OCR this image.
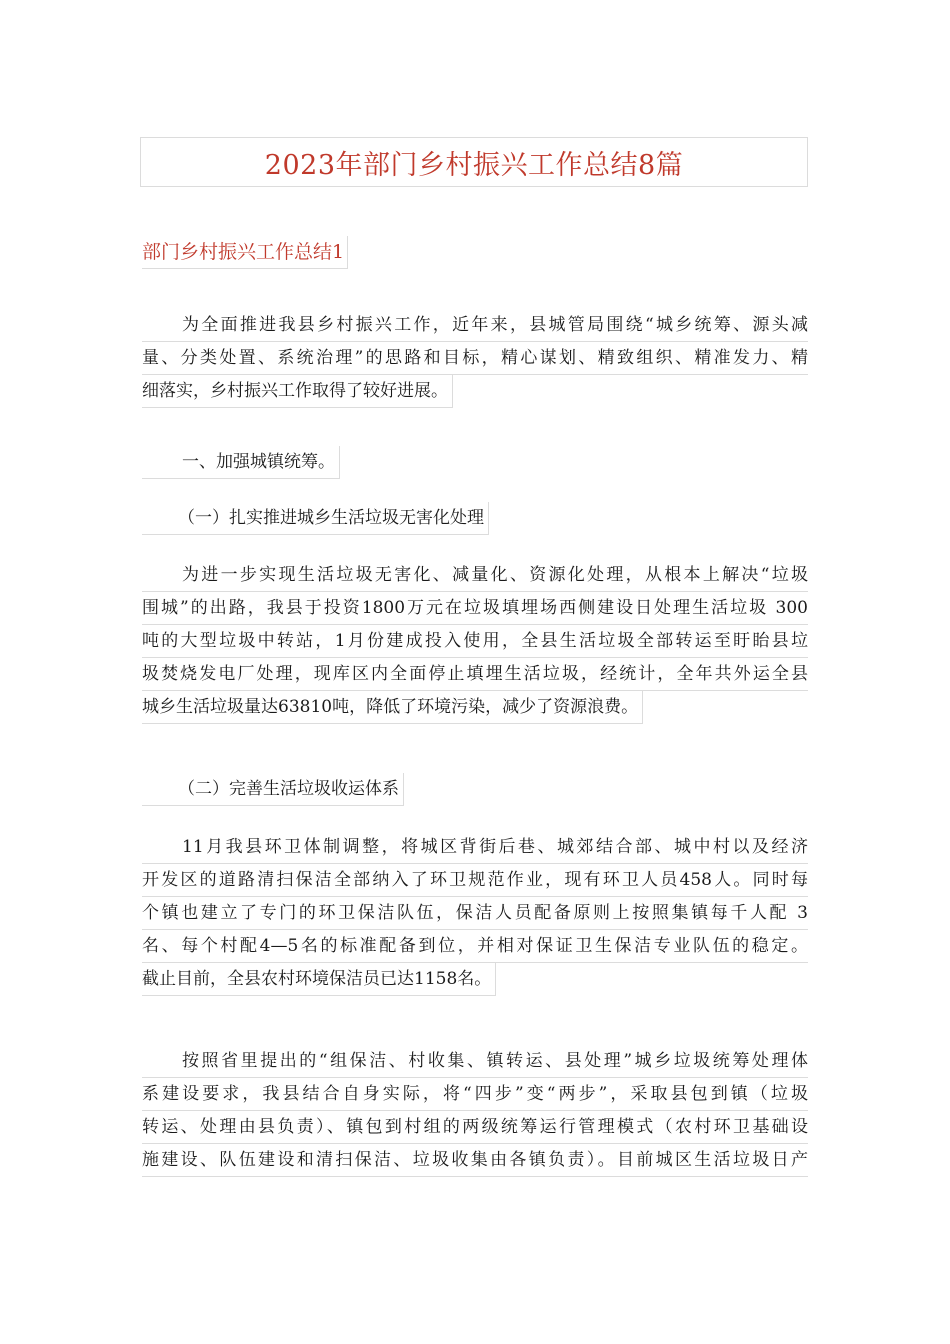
2023年部门乡村振兴工作总结8篇
部门乡村振兴工作总结1
为全面推进我县乡村振兴工作，近年来，县城管局围绕“城乡统筹、源头减
量、分类处置、系统治理”的思路和目标，精心谋划、精致组织、精准发力、精
细落实，乡村振兴工作取得了较好进展。
一、加强城镇统筹。
（一）扎实推进城乡生活垃圾无害化处理
为进一步实现生活垃圾无害化、减量化、资源化处理，从根本上解决“垃圾
围城”的出路，我县于投资1800万元在垃圾填埋场西侧建设日处理生活垃圾 300
吨的大型垃圾中转站，1月份建成投入使用，全县生活垃圾全部转运至盱眙县垃
圾焚烧发电厂处理，现库区内全面停止填埋生活垃圾，经统计，全年共外运全县
城乡生活垃圾量达63810吨，降低了环境污染，减少了资源浪费。
（二）完善生活垃圾收运体系
11月我县环卫体制调整，将城区背街后巷、城郊结合部、城中村以及经济
开发区的道路清扫保洁全部纳入了环卫规范作业，现有环卫人员458人。同时每
个镇也建立了专门的环卫保洁队伍，保洁人员配备原则上按照集镇每千人配 3
名、每个村配4—5名的标准配备到位，并相对保证卫生保洁专业队伍的稳定。
截止目前，全县农村环境保洁员已达1158名。
按照省里提出的“组保洁、村收集、镇转运、县处理”城乡垃圾统筹处理体
系建设要求，我县结合自身实际，将“四步”变“两步”，采取县包到镇（垃圾
转运、处理由县负责）、镇包到村组的两级统筹运行管理模式（农村环卫基础设
施建设、队伍建设和清扫保洁、垃圾收集由各镇负责）。目前城区生活垃圾日产
